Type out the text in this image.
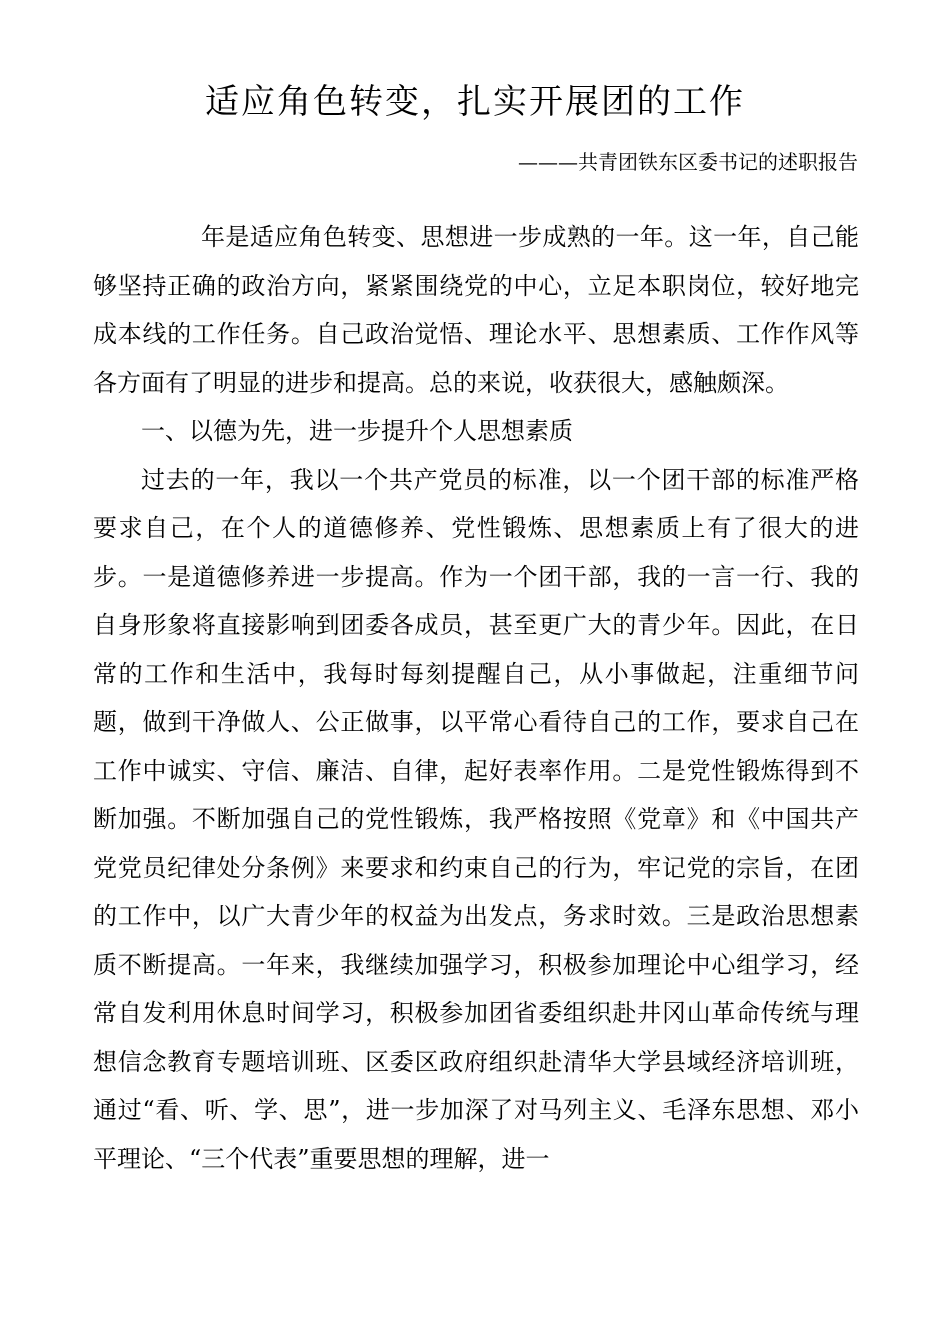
适应角色转变，扎实开展团的工作

———共青团铁东区委书记的述职报告

年是适应角色转变、思想进一步成熟的一年。这一年，自己能够坚持正确的政治方向，紧紧围绕党的中心，立足本职岗位，较好地完成本线的工作任务。自己政治觉悟、理论水平、思想素质、工作作风等各方面有了明显的进步和提高。总的来说，收获很大，感触颇深。

一、以德为先，进一步提升个人思想素质

过去的一年，我以一个共产党员的标准，以一个团干部的标准严格要求自己，在个人的道德修养、党性锻炼、思想素质上有了很大的进步。一是道德修养进一步提高。作为一个团干部，我的一言一行、我的自身形象将直接影响到团委各成员，甚至更广大的青少年。因此，在日常的工作和生活中，我每时每刻提醒自己，从小事做起，注重细节问题，做到干净做人、公正做事，以平常心看待自己的工作，要求自己在工作中诚实、守信、廉洁、自律，起好表率作用。二是党性锻炼得到不断加强。不断加强自己的党性锻炼，我严格按照《党章》和《中国共产党党员纪律处分条例》来要求和约束自己的行为，牢记党的宗旨，在团的工作中，以广大青少年的权益为出发点，务求时效。三是政治思想素质不断提高。一年来，我继续加强学习，积极参加理论中心组学习，经常自发利用休息时间学习，积极参加团省委组织赴井冈山革命传统与理想信念教育专题培训班、区委区政府组织赴清华大学县域经济培训班，通过“看、听、学、思”，进一步加深了对马列主义、毛泽东思想、邓小平理论、“三个代表”重要思想的理解，进一
